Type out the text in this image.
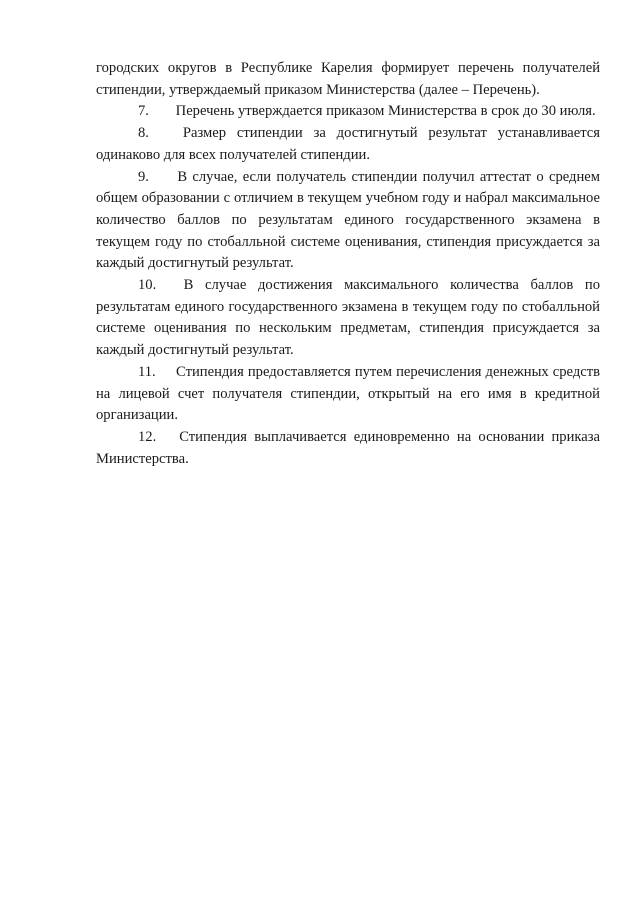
городских округов в Республике Карелия формирует перечень получателей стипендии, утверждаемый приказом Министерства (далее – Перечень).

7. Перечень утверждается приказом Министерства в срок до 30 июля.

8. Размер стипендии за достигнутый результат устанавливается одинаково для всех получателей стипендии.

9. В случае, если получатель стипендии получил аттестат о среднем общем образовании с отличием в текущем учебном году и набрал максимальное количество баллов по результатам единого государственного экзамена в текущем году по стобалльной системе оценивания, стипендия присуждается за каждый достигнутый результат.

10. В случае достижения максимального количества баллов по результатам единого государственного экзамена в текущем году по стобалльной системе оценивания по нескольким предметам, стипендия присуждается за каждый достигнутый результат.

11. Стипендия предоставляется путем перечисления денежных средств на лицевой счет получателя стипендии, открытый на его имя в кредитной организации.

12. Стипендия выплачивается единовременно на основании приказа Министерства.
